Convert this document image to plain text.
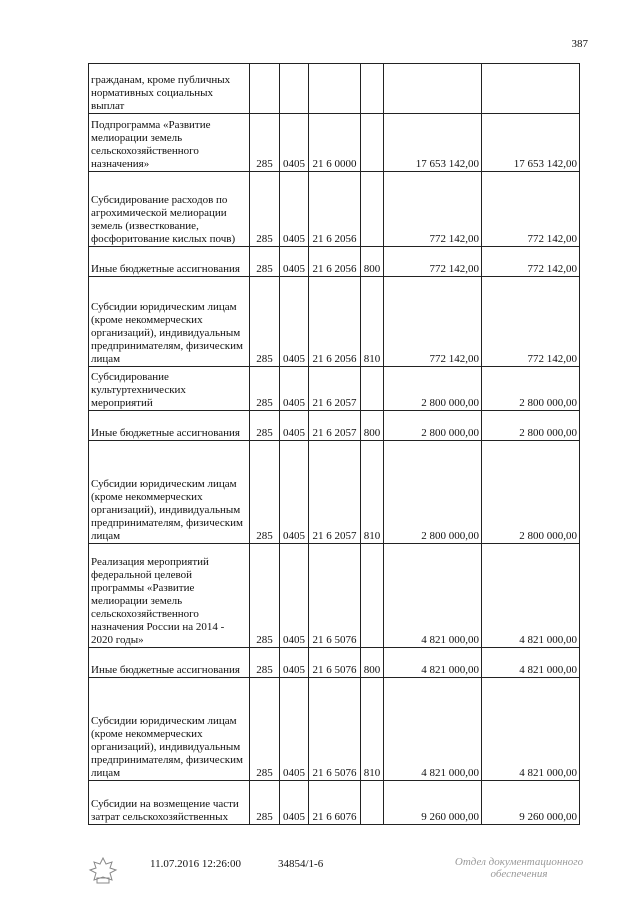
387
гражданам, кроме публичных нормативных социальных выплат						
Подпрограмма «Развитие мелиорации земель сельскохозяйственного назначения»	285	0405	21 6 0000		17 653 142,00	17 653 142,00
Субсидирование расходов по агрохимической мелиорации земель (известкование, фосфоритование кислых почв)	285	0405	21 6 2056		772 142,00	772 142,00
Иные бюджетные ассигнования	285	0405	21 6 2056	800	772 142,00	772 142,00
Субсидии юридическим лицам (кроме некоммерческих организаций), индивидуальным предпринимателям, физическим лицам	285	0405	21 6 2056	810	772 142,00	772 142,00
Субсидирование культуртехнических мероприятий	285	0405	21 6 2057		2 800 000,00	2 800 000,00
Иные бюджетные ассигнования	285	0405	21 6 2057	800	2 800 000,00	2 800 000,00
Субсидии юридическим лицам (кроме некоммерческих организаций), индивидуальным предпринимателям, физическим лицам	285	0405	21 6 2057	810	2 800 000,00	2 800 000,00
Реализация мероприятий федеральной целевой программы «Развитие мелиорации земель сельскохозяйственного назначения России на 2014 - 2020 годы»	285	0405	21 6 5076		4 821 000,00	4 821 000,00
Иные бюджетные ассигнования	285	0405	21 6 5076	800	4 821 000,00	4 821 000,00
Субсидии юридическим лицам (кроме некоммерческих организаций), индивидуальным предпринимателям, физическим лицам	285	0405	21 6 5076	810	4 821 000,00	4 821 000,00
Субсидии на возмещение части затрат сельскохозяйственных	285	0405	21 6 6076		9 260 000,00	9 260 000,00
11.07.2016 12:26:00	34854/1-6	Отдел документационного
обеспечения
